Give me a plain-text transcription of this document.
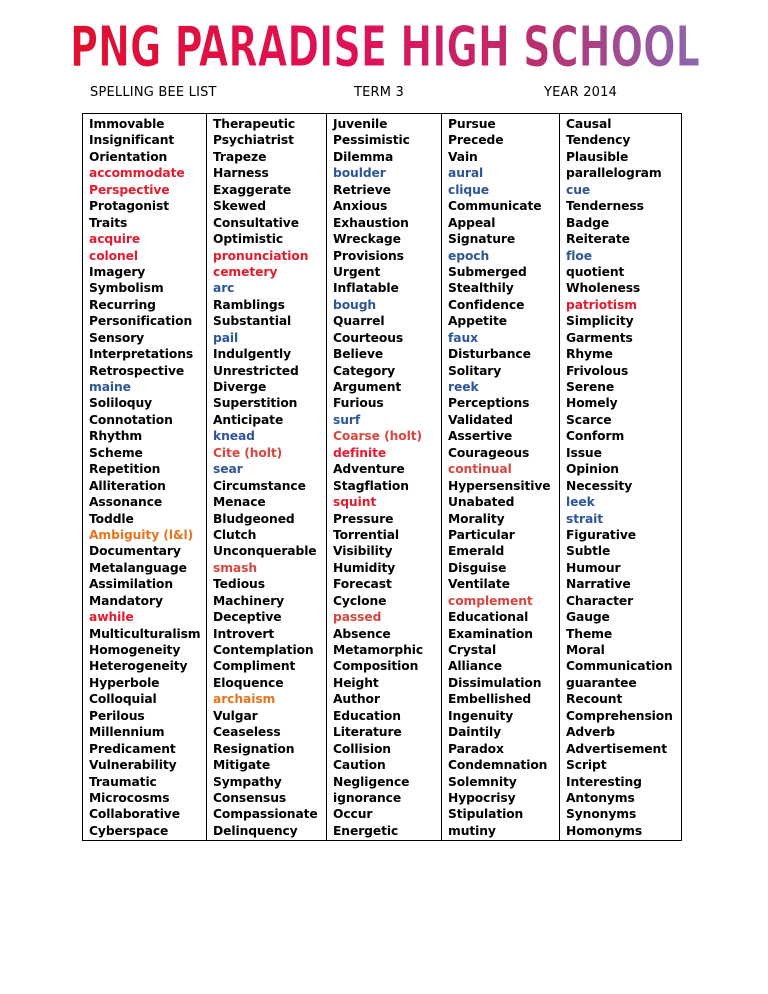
PNG PARADISE HIGH SCHOOL
SPELLING BEE LIST	TERM 3	YEAR 2014
Immovable
Insignificant
Orientation
accommodate
Perspective
Protagonist
Traits
acquire
colonel
Imagery
Symbolism
Recurring
Personification
Sensory
Interpretations
Retrospective
maine
Soliloquy
Connotation
Rhythm
Scheme
Repetition
Alliteration
Assonance
Toddle
Ambiguity (l&l)
Documentary
Metalanguage
Assimilation
Mandatory
awhile
Multiculturalism
Homogeneity
Heterogeneity
Hyperbole
Colloquial
Perilous
Millennium
Predicament
Vulnerability
Traumatic
Microcosms
Collaborative
Cyberspace
Therapeutic
Psychiatrist
Trapeze
Harness
Exaggerate
Skewed
Consultative
Optimistic
pronunciation
cemetery
arc
Ramblings
Substantial
pail
Indulgently
Unrestricted
Diverge
Superstition
Anticipate
knead
Cite (holt)
sear
Circumstance
Menace
Bludgeoned
Clutch
Unconquerable
smash
Tedious
Machinery
Deceptive
Introvert
Contemplation
Compliment
Eloquence
archaism
Vulgar
Ceaseless
Resignation
Mitigate
Sympathy
Consensus
Compassionate
Delinquency
Juvenile
Pessimistic
Dilemma
boulder
Retrieve
Anxious
Exhaustion
Wreckage
Provisions
Urgent
Inflatable
bough
Quarrel
Courteous
Believe
Category
Argument
Furious
surf
Coarse (holt)
definite
Adventure
Stagflation
squint
Pressure
Torrential
Visibility
Humidity
Forecast
Cyclone
passed
Absence
Metamorphic
Composition
Height
Author
Education
Literature
Collision
Caution
Negligence
ignorance
Occur
Energetic
Pursue
Precede
Vain
aural
clique
Communicate
Appeal
Signature
epoch
Submerged
Stealthily
Confidence
Appetite
faux
Disturbance
Solitary
reek
Perceptions
Validated
Assertive
Courageous
continual
Hypersensitive
Unabated
Morality
Particular
Emerald
Disguise
Ventilate
complement
Educational
Examination
Crystal
Alliance
Dissimulation
Embellished
Ingenuity
Daintily
Paradox
Condemnation
Solemnity
Hypocrisy
Stipulation
mutiny
Causal
Tendency
Plausible
parallelogram
cue
Tenderness
Badge
Reiterate
floe
quotient
Wholeness
patriotism
Simplicity
Garments
Rhyme
Frivolous
Serene
Homely
Scarce
Conform
Issue
Opinion
Necessity
leek
strait
Figurative
Subtle
Humour
Narrative
Character
Gauge
Theme
Moral
Communication
guarantee
Recount
Comprehension
Adverb
Advertisement
Script
Interesting
Antonyms
Synonyms
Homonyms
